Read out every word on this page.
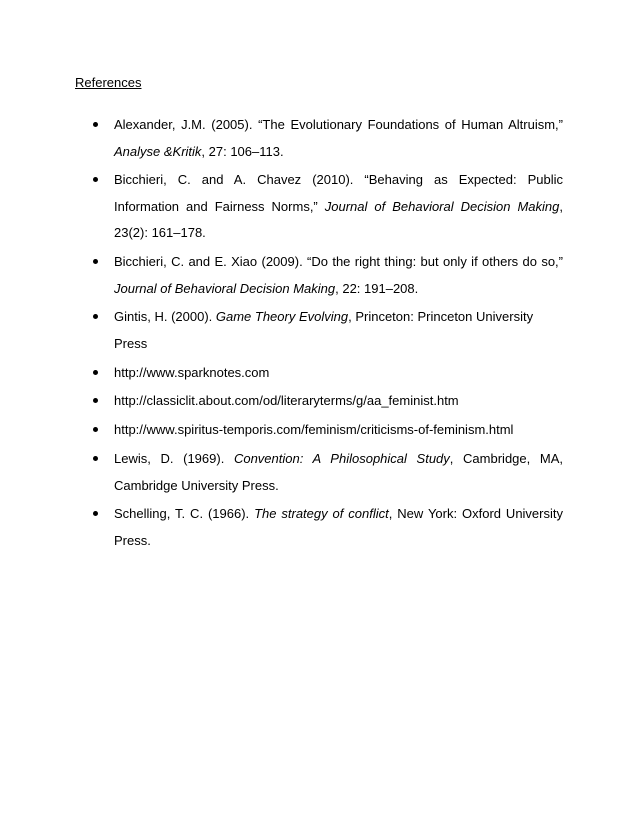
References
Alexander, J.M. (2005). “The Evolutionary Foundations of Human Altruism,” Analyse &Kritik, 27: 106–113.
Bicchieri, C. and A. Chavez (2010). “Behaving as Expected: Public Information and Fairness Norms,” Journal of Behavioral Decision Making, 23(2): 161–178.
Bicchieri, C. and E. Xiao (2009). “Do the right thing: but only if others do so,” Journal of Behavioral Decision Making, 22: 191–208.
Gintis, H. (2000). Game Theory Evolving, Princeton: Princeton University Press
http://www.sparknotes.com
http://classiclit.about.com/od/literaryterms/g/aa_feminist.htm
http://www.spiritus-temporis.com/feminism/criticisms-of-feminism.html
Lewis, D. (1969). Convention: A Philosophical Study, Cambridge, MA, Cambridge University Press.
Schelling, T. C. (1966). The strategy of conflict, New York: Oxford University Press.
